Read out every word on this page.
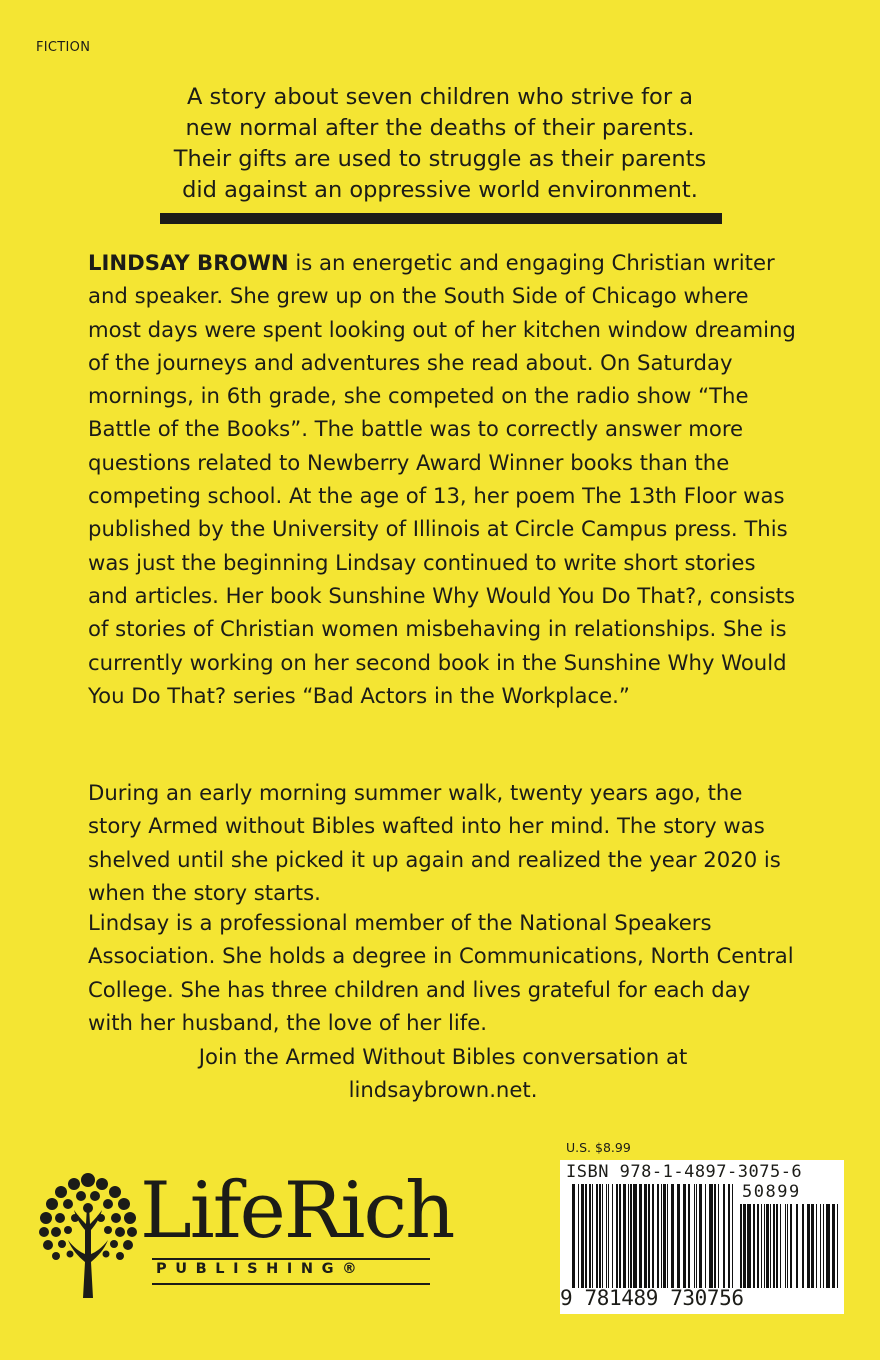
FICTION
A story about seven children who strive for a
new normal after the deaths of their parents.
Their gifts are used to struggle as their parents
did against an oppressive world environment.

LINDSAY BROWN is an energetic and engaging Christian writer and speaker. She grew up on the South Side of Chicago where most days were spent looking out of her kitchen window dreaming of the journeys and adventures she read about. On Saturday mornings, in 6th grade, she competed on the radio show “The Battle of the Books”. The battle was to correctly answer more questions related to Newberry Award Winner books than the competing school. At the age of 13, her poem The 13th Floor was published by the University of Illinois at Circle Campus press. This was just the beginning Lindsay continued to write short stories and articles. Her book Sunshine Why Would You Do That?, consists of stories of Christian women misbehaving in relationships. She is currently working on her second book in the Sunshine Why Would You Do That? series “Bad Actors in the Workplace.”

During an early morning summer walk, twenty years ago, the story Armed without Bibles wafted into her mind. The story was shelved until she picked it up again and realized the year 2020 is when the story starts.

Lindsay is a professional member of the National Speakers Association. She holds a degree in Communications, North Central College. She has three children and lives grateful for each day with her husband, the love of her life.

Join the Armed Without Bibles conversation at
lindsaybrown.net.
LifeRich
PUBLISHING®
U.S. $8.99
ISBN 978-1-4897-3075-6
50899
9 781489 730756
